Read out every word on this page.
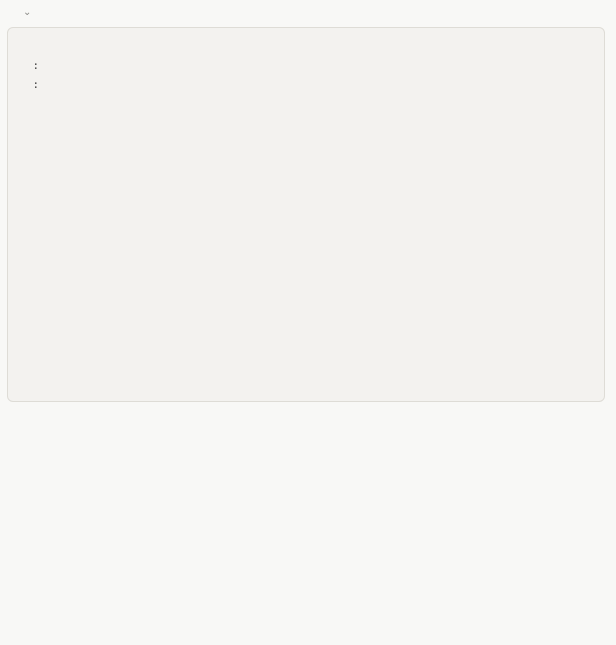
⌄
:
:
